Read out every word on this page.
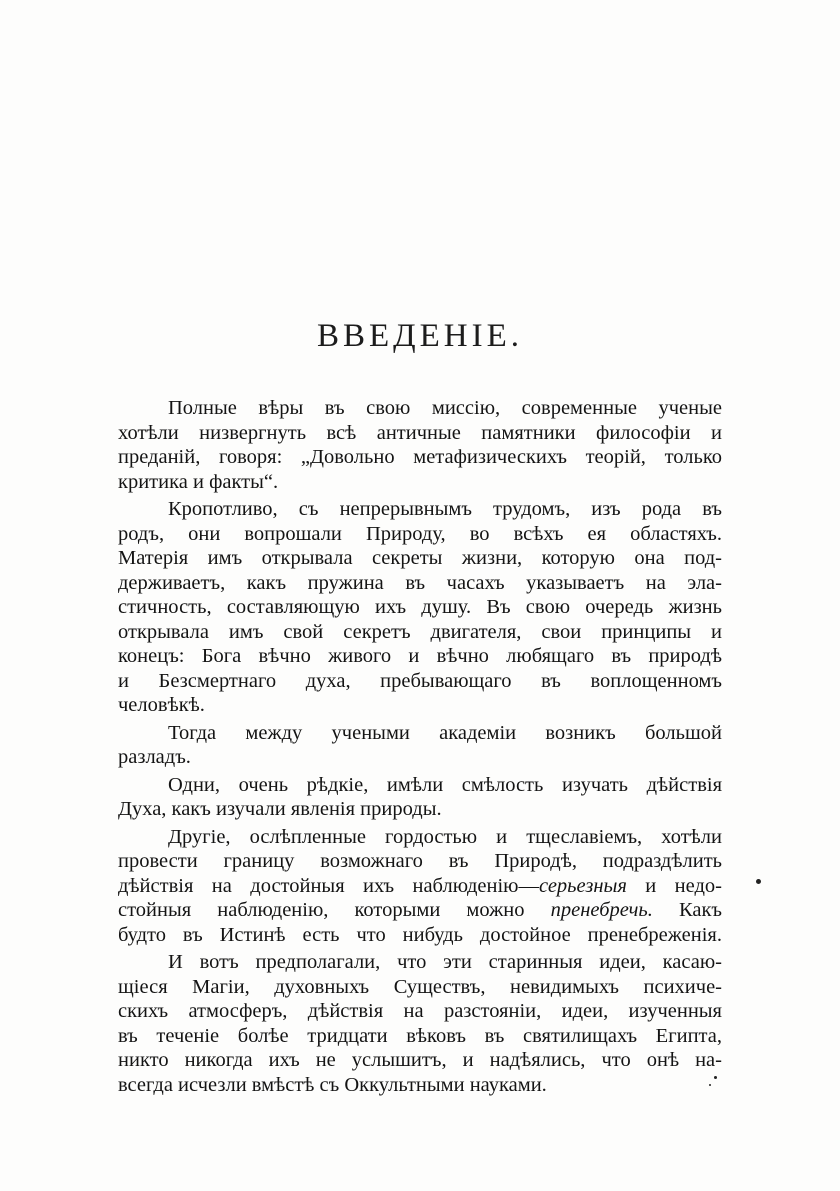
ВВЕДЕНІЕ.
Полные вѣры въ свою миссію, современные ученые
хотѣли низвергнуть всѣ античные памятники философіи и
преданій, говоря: „Довольно метафизическихъ теорій, только
критика и факты“.
Кропотливо, съ непрерывнымъ трудомъ, изъ рода въ
родъ, они вопрошали Природу, во всѣхъ ея областяхъ.
Матерія имъ открывала секреты жизни, которую она под-
держиваетъ, какъ пружина въ часахъ указываетъ на эла-
стичность, составляющую ихъ душу. Въ свою очередь жизнь
открывала имъ свой секретъ двигателя, свои принципы и
конецъ: Бога вѣчно живого и вѣчно любящаго въ природѣ
и Безсмертнаго духа, пребывающаго въ воплощенномъ
человѣкѣ.
Тогда между учеными академіи возникъ большой
разладъ.
Одни, очень рѣдкіе, имѣли смѣлость изучать дѣйствія
Духа, какъ изучали явленія природы.
Другіе, ослѣпленные гордостью и тщеславіемъ, хотѣли
провести границу возможнаго въ Природѣ, подраздѣлить
дѣйствія на достойныя ихъ наблюденію—серьезныя и недо-
стойныя наблюденію, которыми можно пренебречь. Какъ
будто въ Истинѣ есть что нибудь достойное пренебреженія.
И вотъ предполагали, что эти старинныя идеи, касаю-
щіеся Магіи, духовныхъ Существъ, невидимыхъ психиче-
скихъ атмосферъ, дѣйствія на разстояніи, идеи, изученныя
въ теченіе болѣе тридцати вѣковъ въ святилищахъ Египта,
никто никогда ихъ не услышитъ, и надѣялись, что онѣ на-
всегда исчезли вмѣстѣ съ Оккультными науками.
